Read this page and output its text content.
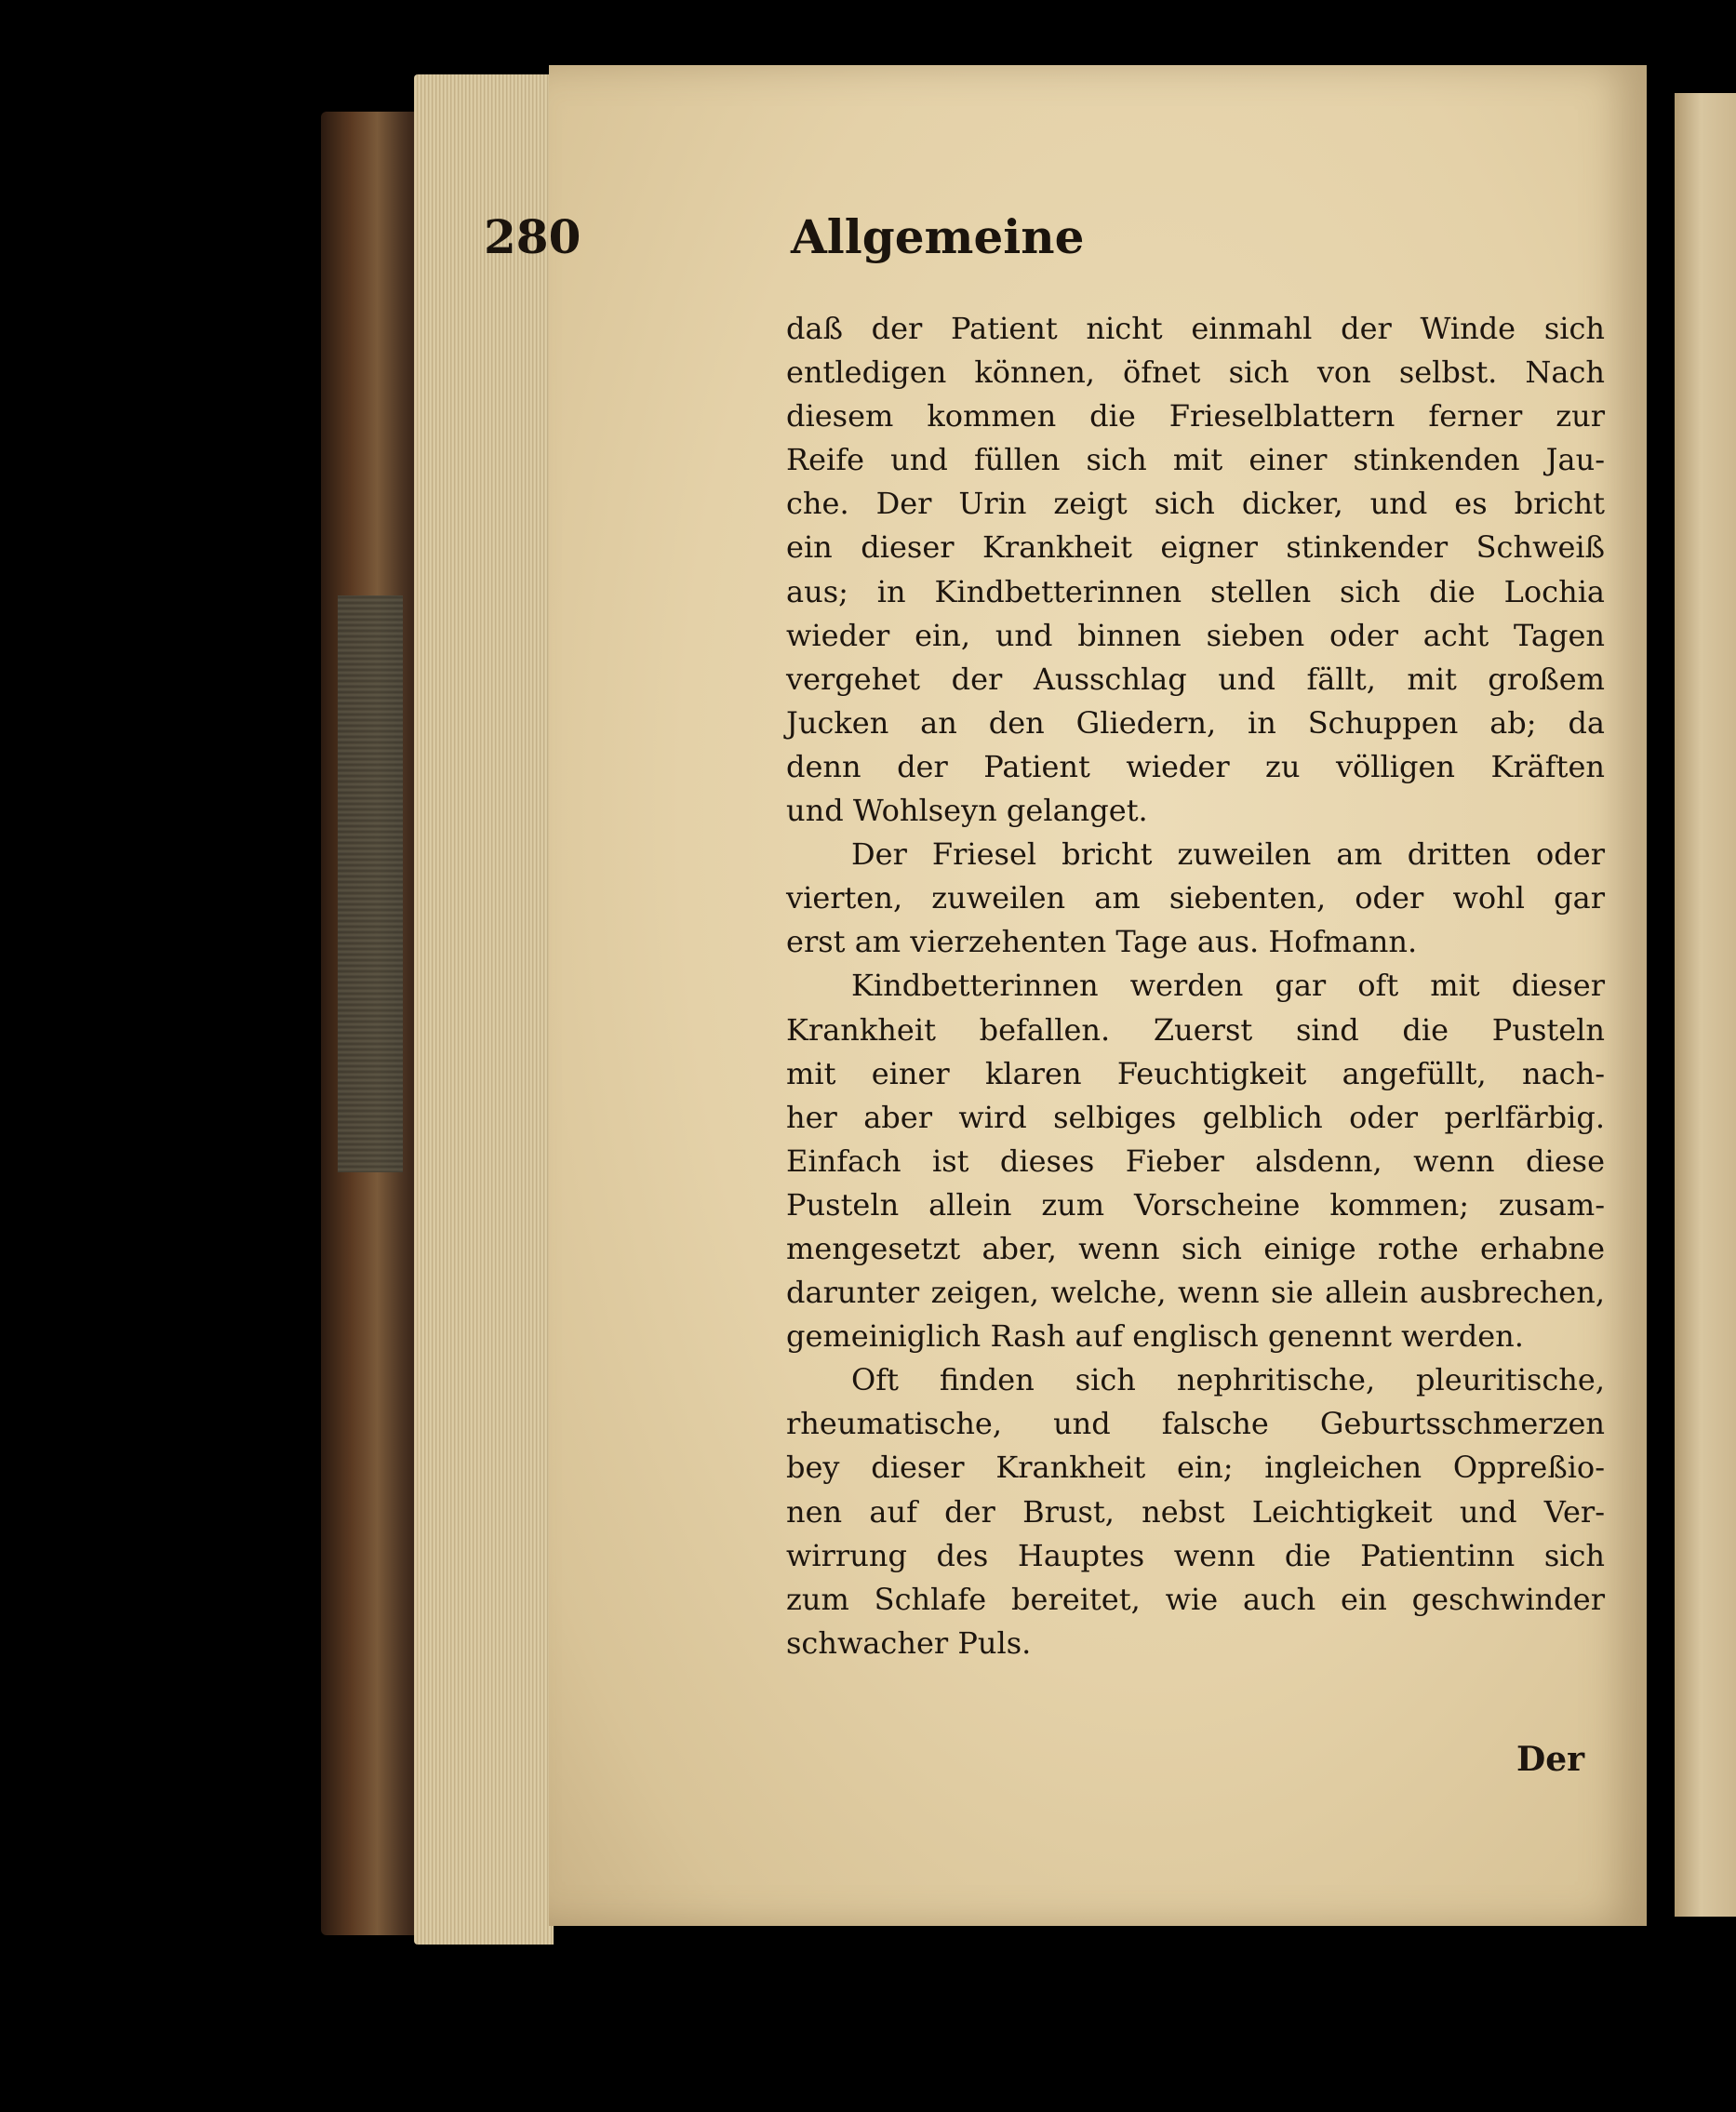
280	Allgemeine
daß der Patient nicht einmahl der Winde sich
entledigen können, öfnet sich von selbst. Nach
diesem kommen die Frieselblattern ferner zur
Reife und füllen sich mit einer stinkenden Jau-
che. Der Urin zeigt sich dicker, und es bricht
ein dieser Krankheit eigner stinkender Schweiß
aus; in Kindbetterinnen stellen sich die Lochia
wieder ein, und binnen sieben oder acht Tagen
vergehet der Ausschlag und fällt, mit großem
Jucken an den Gliedern, in Schuppen ab; da
denn der Patient wieder zu völligen Kräften
und Wohlseyn gelanget.
Der Friesel bricht zuweilen am dritten oder
vierten, zuweilen am siebenten, oder wohl gar
erst am vierzehenten Tage aus. Hofmann.
Kindbetterinnen werden gar oft mit dieser
Krankheit befallen. Zuerst sind die Pusteln
mit einer klaren Feuchtigkeit angefüllt, nach-
her aber wird selbiges gelblich oder perlfärbig.
Einfach ist dieses Fieber alsdenn, wenn diese
Pusteln allein zum Vorscheine kommen; zusam-
mengesetzt aber, wenn sich einige rothe erhabne
darunter zeigen, welche, wenn sie allein ausbrechen,
gemeiniglich Rash auf englisch genennt werden.
Oft finden sich nephritische, pleuritische,
rheumatische, und falsche Geburtsschmerzen
bey dieser Krankheit ein; ingleichen Oppreßio-
nen auf der Brust, nebst Leichtigkeit und Ver-
wirrung des Hauptes wenn die Patientinn sich
zum Schlafe bereitet, wie auch ein geschwinder
schwacher Puls.
Der
